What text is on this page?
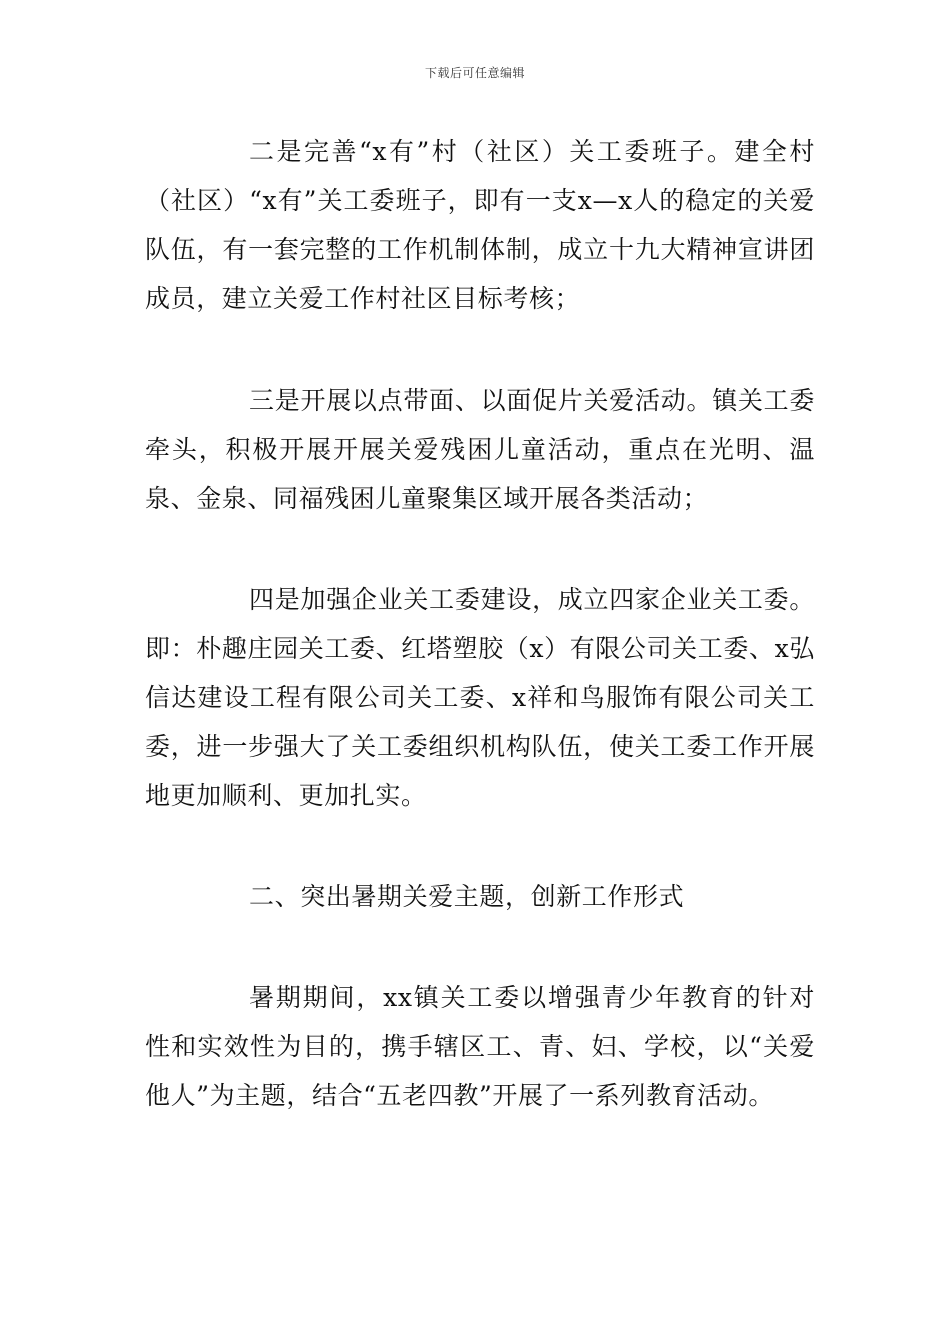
下载后可任意编辑

二是完善“x有”村（社区）关工委班子。建全村（社区）“x有”关工委班子，即有一支x—x人的稳定的关爱队伍，有一套完整的工作机制体制，成立十九大精神宣讲团成员，建立关爱工作村社区目标考核；

三是开展以点带面、以面促片关爱活动。镇关工委牵头，积极开展开展关爱残困儿童活动，重点在光明、温泉、金泉、同福残困儿童聚集区域开展各类活动；

四是加强企业关工委建设，成立四家企业关工委。即：朴趣庄园关工委、红塔塑胶（x）有限公司关工委、x弘信达建设工程有限公司关工委、x祥和鸟服饰有限公司关工委，进一步强大了关工委组织机构队伍，使关工委工作开展地更加顺利、更加扎实。

二、突出暑期关爱主题，创新工作形式

暑期期间，xx镇关工委以增强青少年教育的针对性和实效性为目的，携手辖区工、青、妇、学校，以“关爱他人”为主题，结合“五老四教”开展了一系列教育活动。
